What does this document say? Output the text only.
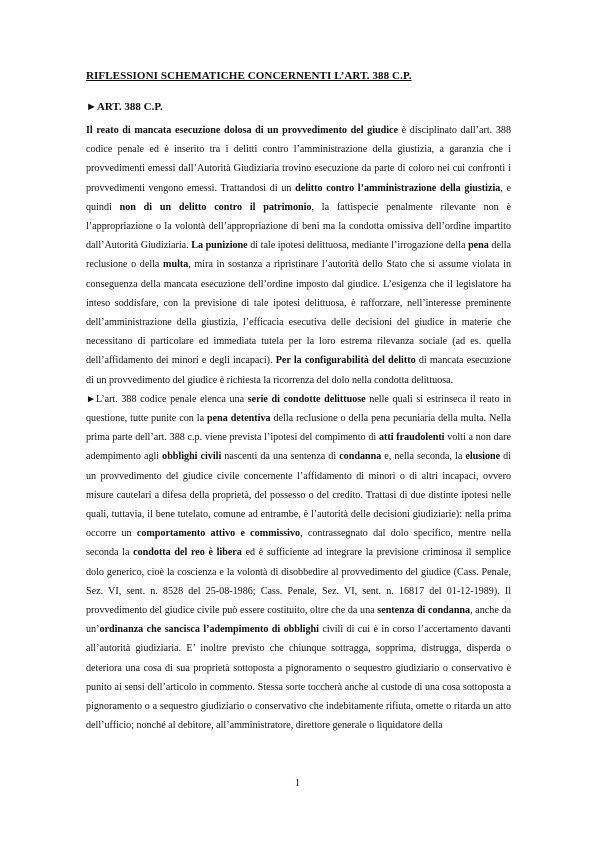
RIFLESSIONI SCHEMATICHE CONCERNENTI L’ART. 388 C.P.
►ART. 388 C.P.

Il reato di mancata esecuzione dolosa di un provvedimento del giudice è disciplinato dall’art. 388 codice penale ed è inserito tra i delitti contro l’amministrazione della giustizia, a garanzia che i provvedimenti emessi dall’Autorità Giudiziaria trovino esecuzione da parte di coloro nei cui confronti i provvedimenti vengono emessi. Trattandosi di un delitto contro l’amministrazione della giustizia, e quindi non di un delitto contro il patrimonio, la fattispecie penalmente rilevante non è l’appropriazione o la volontà dell’appropriazione di beni ma la condotta omissiva dell’ordine impartito dall’Autorità Giudiziaria. La punizione di tale ipotesi delittuosa, mediante l’irrogazione della pena della reclusione o della multa, mira in sostanza a ripristinare l’autorità dello Stato che si assume violata in conseguenza della mancata esecuzione dell’ordine imposto dal giudice. L’esigenza che il legislatore ha inteso soddisfare, con la previsione di tale ipotesi delittuosa, è rafforzare, nell’interesse preminente dell’amministrazione della giustizia, l’efficacia esecutiva delle decisioni del giudice in materie che necessitano di particolare ed immediata tutela per la loro estrema rilevanza sociale (ad es. quella dell’affidamento dei minori e degli incapaci). Per la configurabilità del delitto di mancata esecuzione di un provvedimento del giudice è richiesta la ricorrenza del dolo nella condotta delittuosa.

►L’art. 388 codice penale elenca una serie di condotte delittuose nelle quali si estrinseca il reato in questione, tutte punite con la pena detentiva della reclusione o della pena pecuniaria della multa. Nella prima parte dell’art. 388 c.p. viene prevista l’ipotesi del compimento di atti fraudolenti volti a non dare adempimento agli obblighi civili nascenti da una sentenza di condanna e, nella seconda, la elusione di un provvedimento del giudice civile concernente l’affidamento di minori o di altri incapaci, ovvero misure cautelari a difesa della proprietà, del possesso o del credito. Trattasi di due distinte ipotesi nelle quali, tuttavia, il bene tutelato, comune ad entrambe, è l’autorità delle decisioni giudiziarie): nella prima occorre un comportamento attivo e commissivo, contrassegnato dal dolo specifico, mentre nella seconda la condotta del reo è libera ed è sufficiente ad integrare la previsione criminosa il semplice dolo generico, cioè la coscienza e la volontà di disobbedire al provvedimento del giudice (Cass. Penale, Sez. VI, sent. n. 8528 del 25-08-1986; Cass. Penale, Sez. VI, sent. n. 16817 del 01-12-1989). Il provvedimento del giudice civile può essere costituito, oltre che da una sentenza di condanna, anche da un’ordinanza che sancisca l’adempimento di obblighi civili di cui è in corso l’accertamento davanti all’autorità giudiziaria. E’ inoltre previsto che chiunque sottragga, sopprima, distrugga, disperda o deteriora una cosa di sua proprietà sottoposta a pignoramento o sequestro giudiziario o conservativo è punito ai sensi dell’articolo in commento. Stessa sorte toccherà anche al custode di una cosa sottoposta a pignoramento o a sequestro giudiziario o conservativo che indebitamente rifiuta, omette o ritarda un atto dell’ufficio; nonché al debitore, all’amministratore, direttore generale o liquidatore della

1
